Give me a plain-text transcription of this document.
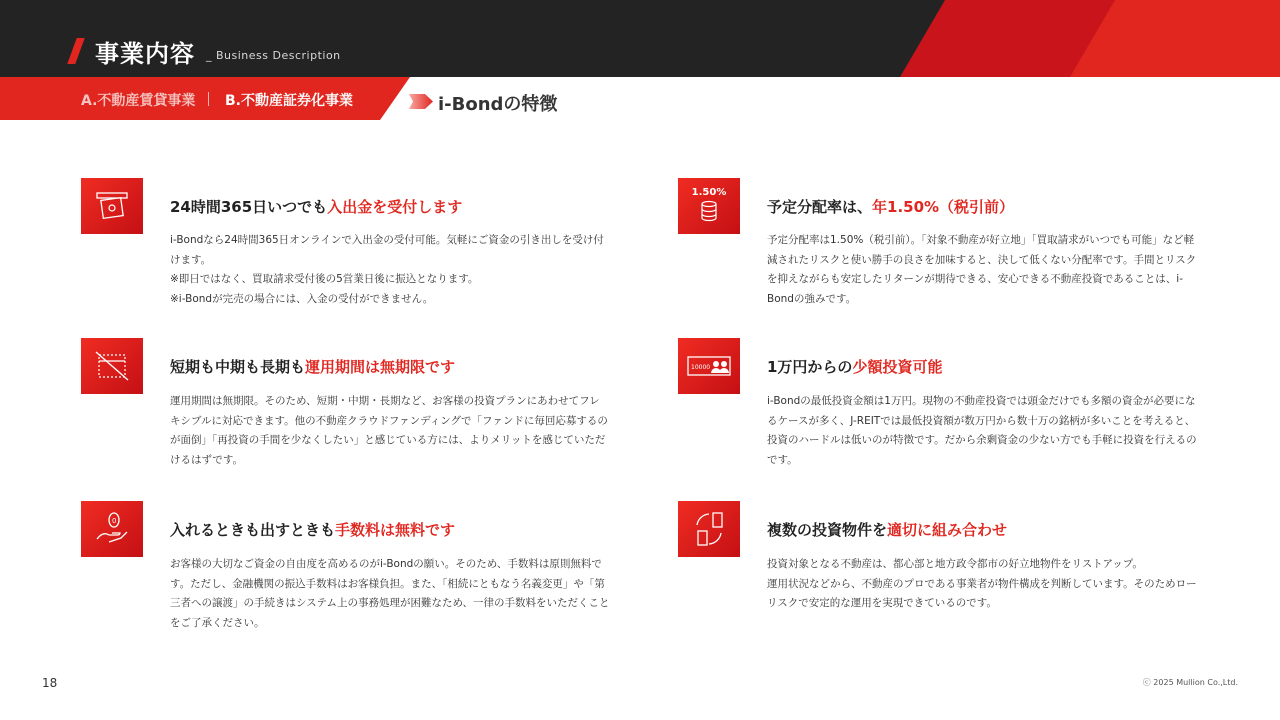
事業内容 _ Business Description
A.不動産賃貸事業 B.不動産証券化事業	i-Bondの特徴
24時間365日いつでも入出金を受付します

i-Bondなら24時間365日オンラインで入出金の受付可能。気軽にご資金の引き出しを受け付けます。

※即日ではなく、買取請求受付後の5営業日後に振込となります。

※i-Bondが完売の場合には、入金の受付ができません。

1.50%
予定分配率は、年1.50%（税引前）

予定分配率は1.50%（税引前）。「対象不動産が好立地」「買取請求がいつでも可能」など軽減されたリスクと使い勝手の良さを加味すると、決して低くない分配率です。手間とリスクを抑えながらも安定したリターンが期待できる、安心できる不動産投資であることは、i-Bondの強みです。

短期も中期も長期も運用期間は無期限です

運用期間は無期限。そのため、短期・中期・長期など、お客様の投資プランにあわせてフレキシブルに対応できます。他の不動産クラウドファンディングで「ファンドに毎回応募するのが面倒」「再投資の手間を少なくしたい」と感じている方には、よりメリットを感じていただけるはずです。

10000	1万円からの少額投資可能

i-Bondの最低投資金額は1万円。現物の不動産投資では頭金だけでも多額の資金が必要になるケースが多く、J-REITでは最低投資額が数万円から数十万の銘柄が多いことを考えると、投資のハードルは低いのが特徴です。だから余剰資金の少ない方でも手軽に投資を行えるのです。

0	入れるときも出すときも手数料は無料です

お客様の大切なご資金の自由度を高めるのがi-Bondの願い。そのため、手数料は原則無料です。ただし、金融機関の振込手数料はお客様負担。また、「相続にともなう名義変更」や「第三者への譲渡」の手続きはシステム上の事務処理が困難なため、一律の手数料をいただくことをご了承ください。

複数の投資物件を適切に組み合わせ

投資対象となる不動産は、都心部と地方政令都市の好立地物件をリストアップ。

運用状況などから、不動産のプロである事業者が物件構成を判断しています。そのためローリスクで安定的な運用を実現できているのです。

18	ⓒ 2025 Mullion Co.,Ltd.
